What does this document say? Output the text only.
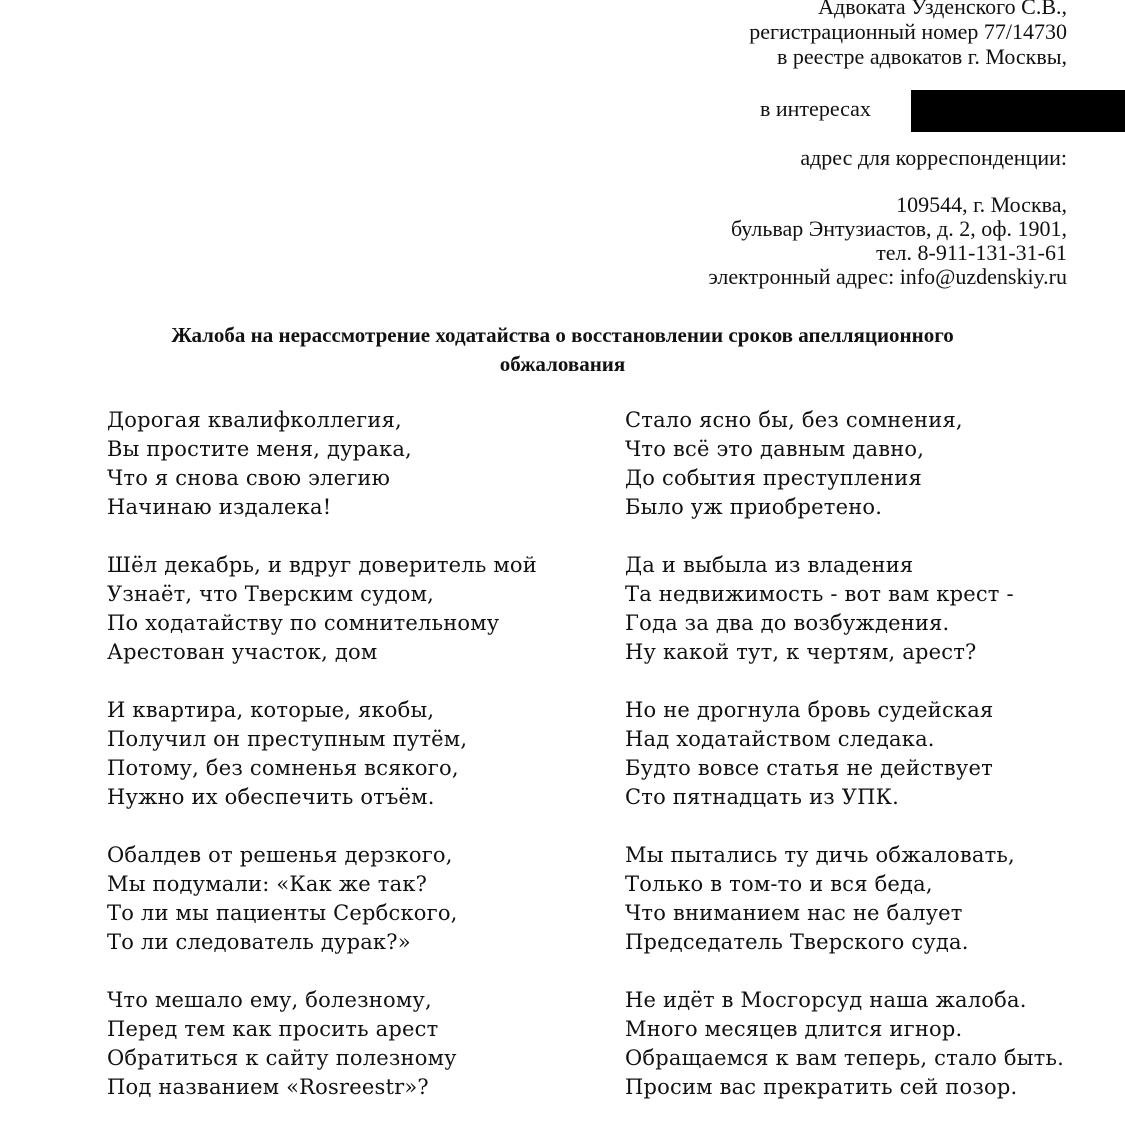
Адвоката Узденского С.В.,
регистрационный номер 77/14730
в реестре адвокатов г. Москвы,
в интересах
адрес для корреспонденции:
109544, г. Москва,
бульвар Энтузиастов, д. 2, оф. 1901,
тел. 8-911-131-31-61
электронный адрес: info@uzdenskiy.ru
Жалоба на нерассмотрение ходатайства о восстановлении сроков апелляционного
обжалования
Дорогая квалифколлегия,
Вы простите меня, дурака,
Что я снова свою элегию
Начинаю издалека!
Шёл декабрь, и вдруг доверитель мой
Узнаёт, что Тверским судом,
По ходатайству по сомнительному
Арестован участок, дом
И квартира, которые, якобы,
Получил он преступным путём,
Потому, без сомненья всякого,
Нужно их обеспечить отъём.
Обалдев от решенья дерзкого,
Мы подумали: «Как же так?
То ли мы пациенты Сербского,
То ли следователь дурак?»
Что мешало ему, болезному,
Перед тем как просить арест
Обратиться к сайту полезному
Под названием «Rosreestr»?
Стало ясно бы, без сомнения,
Что всё это давным давно,
До события преступления
Было уж приобретено.
Да и выбыла из владения
Та недвижимость - вот вам крест -
Года за два до возбуждения.
Ну какой тут, к чертям, арест?
Но не дрогнула бровь судейская
Над ходатайством следака.
Будто вовсе статья не действует
Сто пятнадцать из УПК.
Мы пытались ту дичь обжаловать,
Только в том-то и вся беда,
Что вниманием нас не балует
Председатель Тверского суда.
Не идёт в Мосгорсуд наша жалоба.
Много месяцев длится игнор.
Обращаемся к вам теперь, стало быть.
Просим вас прекратить сей позор.
